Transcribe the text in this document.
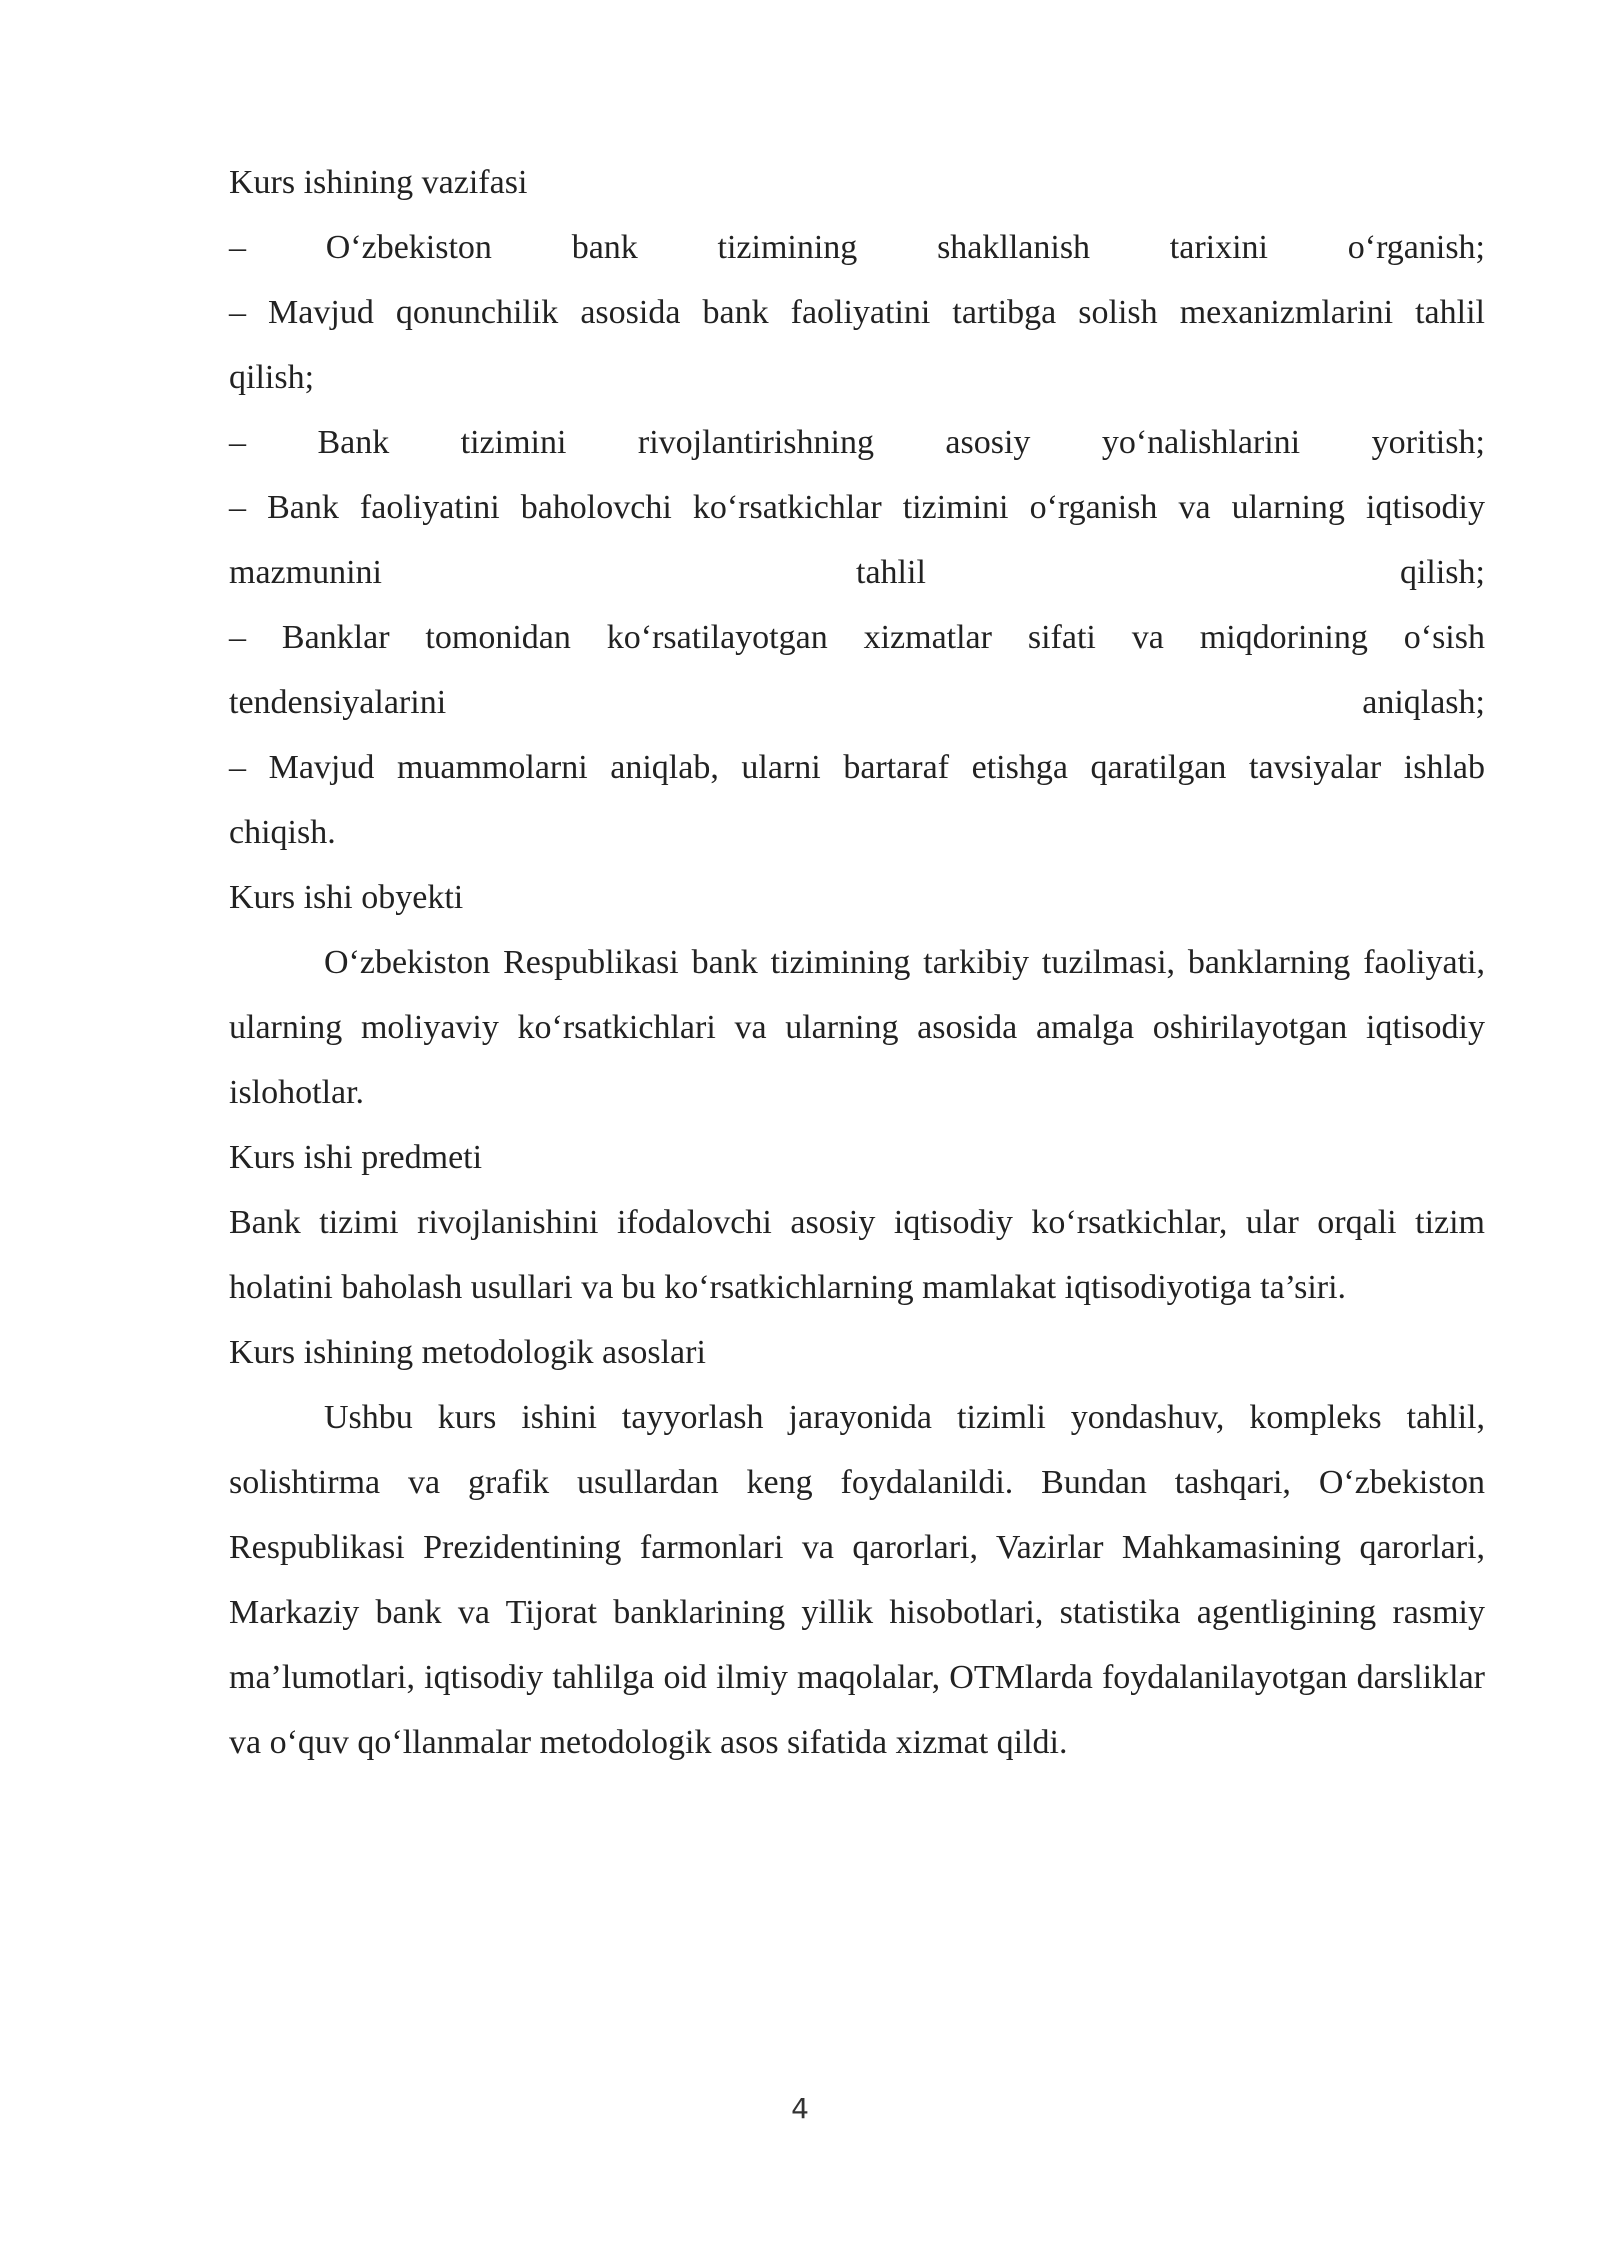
Kurs ishining vazifasi
– O‘zbekiston bank tizimining shakllanish tarixini o‘rganish;
– Mavjud qonunchilik asosida bank faoliyatini tartibga solish mexanizmlarini tahlil
qilish;
– Bank tizimini rivojlantirishning asosiy yo‘nalishlarini yoritish;
– Bank faoliyatini baholovchi ko‘rsatkichlar tizimini o‘rganish va ularning iqtisodiy
mazmunini	tahlil	qilish;
– Banklar tomonidan ko‘rsatilayotgan xizmatlar sifati va miqdorining o‘sish
tendensiyalarini	aniqlash;
– Mavjud muammolarni aniqlab, ularni bartaraf etishga qaratilgan tavsiyalar ishlab
chiqish.
Kurs ishi obyekti

O‘zbekiston Respublikasi bank tizimining tarkibiy tuzilmasi, banklarning faoliyati, ularning moliyaviy ko‘rsatkichlari va ularning asosida amalga oshirilayotgan iqtisodiy islohotlar.

Kurs ishi predmeti

Bank tizimi rivojlanishini ifodalovchi asosiy iqtisodiy ko‘rsatkichlar, ular orqali tizim holatini baholash usullari va bu ko‘rsatkichlarning mamlakat iqtisodiyotiga ta’siri.

Kurs ishining metodologik asoslari

Ushbu kurs ishini tayyorlash jarayonida tizimli yondashuv, kompleks tahlil, solishtirma va grafik usullardan keng foydalanildi. Bundan tashqari, O‘zbekiston Respublikasi Prezidentining farmonlari va qarorlari, Vazirlar Mahkamasining qarorlari, Markaziy bank va Tijorat banklarining yillik hisobotlari, statistika agentligining rasmiy ma’lumotlari, iqtisodiy tahlilga oid ilmiy maqolalar, OTMlarda foydalanilayotgan darsliklar va o‘quv qo‘llanmalar metodologik asos sifatida xizmat qildi.

4
